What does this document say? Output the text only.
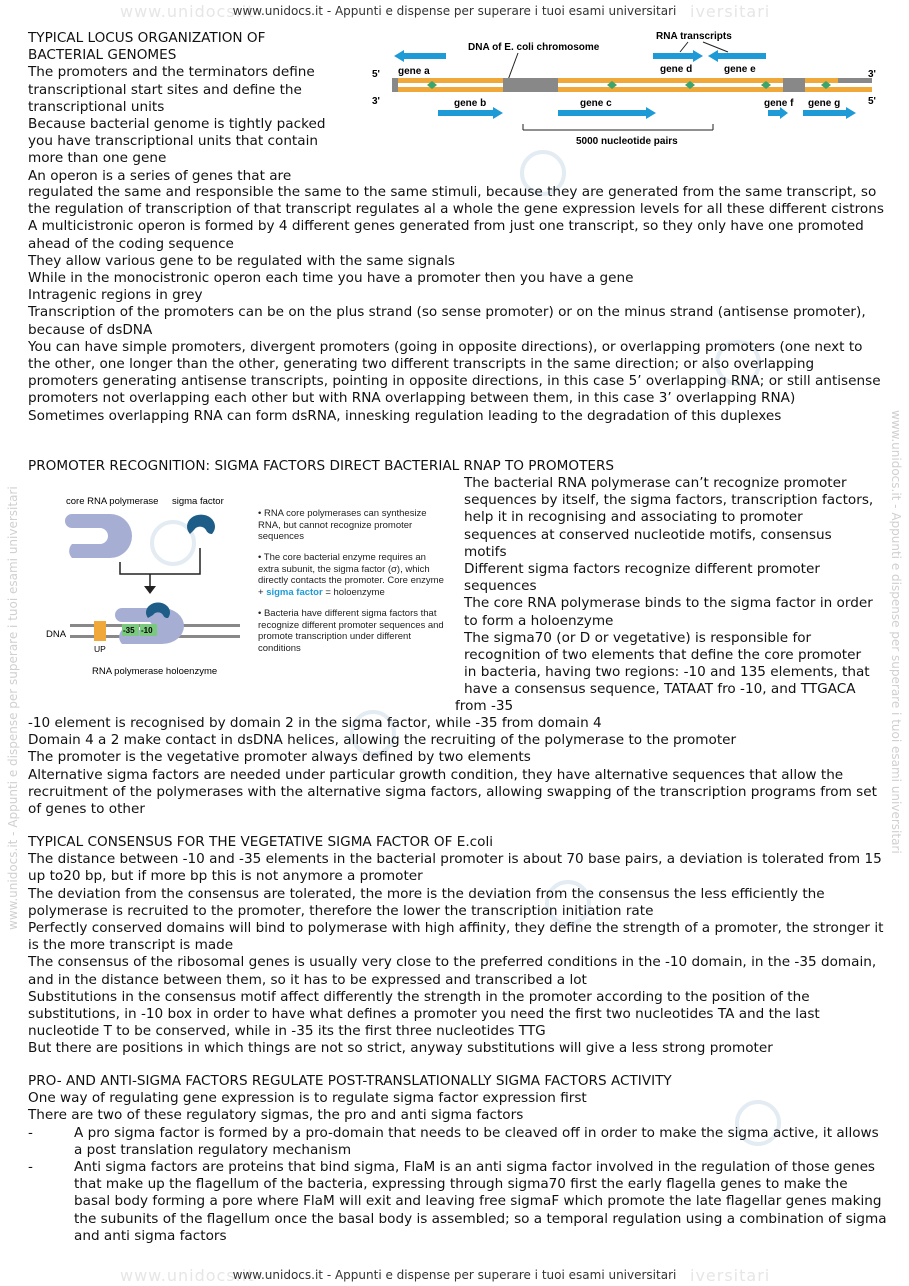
www.unidocs.it	iversitari
www.unidocs.it	iversitari
www.unidocs.it - Appunti e dispense per superare i tuoi esami universitari	www.unidocs.it - Appunti e dispense per superare i tuoi esami universitari
www.unidocs.it - Appunti e dispense per superare i tuoi esami universitari
www.unidocs.it - Appunti e dispense per superare i tuoi esami universitari
DNA of E. coli chromosome
RNA transcripts
5'	3'
3'	5'
gene a	gene d	gene e
gene b	gene c	gene f gene g
5000 nucleotide pairs
core RNA polymerase sigma factor
DNA
UP
-35 -10
RNA polymerase holoenzyme
• RNA core polymerases can synthesize RNA, but cannot recognize promoter sequences
• The core bacterial enzyme requires an extra subunit, the sigma factor (σ), which directly contacts the promoter. Core enzyme + sigma factor = holoenzyme
• Bacteria have different sigma factors that recognize different promoter sequences and promote transcription under different conditions

TYPICAL LOCUS ORGANIZATION OF

BACTERIAL GENOMES

The promoters and the terminators define

transcriptional start sites and define the

transcriptional units

Because bacterial genome is tightly packed

you have transcriptional units that contain

more than one gene

An operon is a series of genes that are

regulated the same and responsible the same to the same stimuli, because they are generated from the same transcript, so the regulation of transcription of that transcript regulates al a whole the gene expression levels for all these different cistrons

A multicistronic operon is formed by 4 different genes generated from just one transcript, so they only have one promoted ahead of the coding sequence

They allow various gene to be regulated with the same signals

While in the monocistronic operon each time you have a promoter then you have a gene

Intragenic regions in grey

Transcription of the promoters can be on the plus strand (so sense promoter) or on the minus strand (antisense promoter), because of dsDNA

You can have simple promoters, divergent promoters (going in opposite directions), or overlapping promoters (one next to the other, one longer than the other, generating two different transcripts in the same direction; or also overlapping promoters generating antisense transcripts, pointing in opposite directions, in this case 5’ overlapping RNA; or still antisense promoters not overlapping each other but with RNA overlapping between them, in this case 3’ overlapping RNA)

Sometimes overlapping RNA can form dsRNA, innesking regulation leading to the degradation of this duplexes

PROMOTER RECOGNITION: SIGMA FACTORS DIRECT BACTERIAL RNAP TO PROMOTERS

The bacterial RNA polymerase can’t recognize promoter

sequences by itself, the sigma factors, transcription factors,

help it in recognising and associating to promoter

sequences at conserved nucleotide motifs, consensus

motifs

Different sigma factors recognize different promoter

sequences

The core RNA polymerase binds to the sigma factor in order

to form a holoenzyme

The sigma70 (or D or vegetative) is responsible for

recognition of two elements that define the core promoter

in bacteria, having two regions: -10 and 135 elements, that

have a consensus sequence, TATAAT fro -10, and TTGACA

from -35

-10 element is recognised by domain 2 in the sigma factor, while -35 from domain 4

Domain 4 a 2 make contact in dsDNA helices, allowing the recruiting of the polymerase to the promoter

The promoter is the vegetative promoter always defined by two elements

Alternative sigma factors are needed under particular growth condition, they have alternative sequences that allow the recruitment of the polymerases with the alternative sigma factors, allowing swapping of the transcription programs from set of genes to other

TYPICAL CONSENSUS FOR THE VEGETATIVE SIGMA FACTOR OF E.coli

The distance between -10 and -35 elements in the bacterial promoter is about 70 base pairs, a deviation is tolerated from 15 up to20 bp, but if more bp this is not anymore a promoter

The deviation from the consensus are tolerated, the more is the deviation from the consensus the less efficiently the polymerase is recruited to the promoter, therefore the lower the transcription initiation rate

Perfectly conserved domains will bind to polymerase with high affinity, they define the strength of a promoter, the stronger it is the more transcript is made

The consensus of the ribosomal genes is usually very close to the preferred conditions in the -10 domain, in the -35 domain, and in the distance between them, so it has to be expressed and transcribed a lot

Substitutions in the consensus motif affect differently the strength in the promoter according to the position of the substitutions, in -10 box in order to have what defines a promoter you need the first two nucleotides TA and the last nucleotide T to be conserved, while in -35 its the first three nucleotides TTG

But there are positions in which things are not so strict, anyway substitutions will give a less strong promoter

PRO- AND ANTI-SIGMA FACTORS REGULATE POST-TRANSLATIONALLY SIGMA FACTORS ACTIVITY

One way of regulating gene expression is to regulate sigma factor expression first

There are two of these regulatory sigmas, the pro and anti sigma factors

-	A pro sigma factor is formed by a pro-domain that needs to be cleaved off in order to make the sigma active, it allows a post translation regulatory mechanism
-	Anti sigma factors are proteins that bind sigma, FlaM is an anti sigma factor involved in the regulation of those genes that make up the flagellum of the bacteria, expressing through sigma70 first the early flagella genes to make the basal body forming a pore where FlaM will exit and leaving free sigmaF which promote the late flagellar genes making the subunits of the flagellum once the basal body is assembled; so a temporal regulation using a combination of sigma and anti sigma factors
